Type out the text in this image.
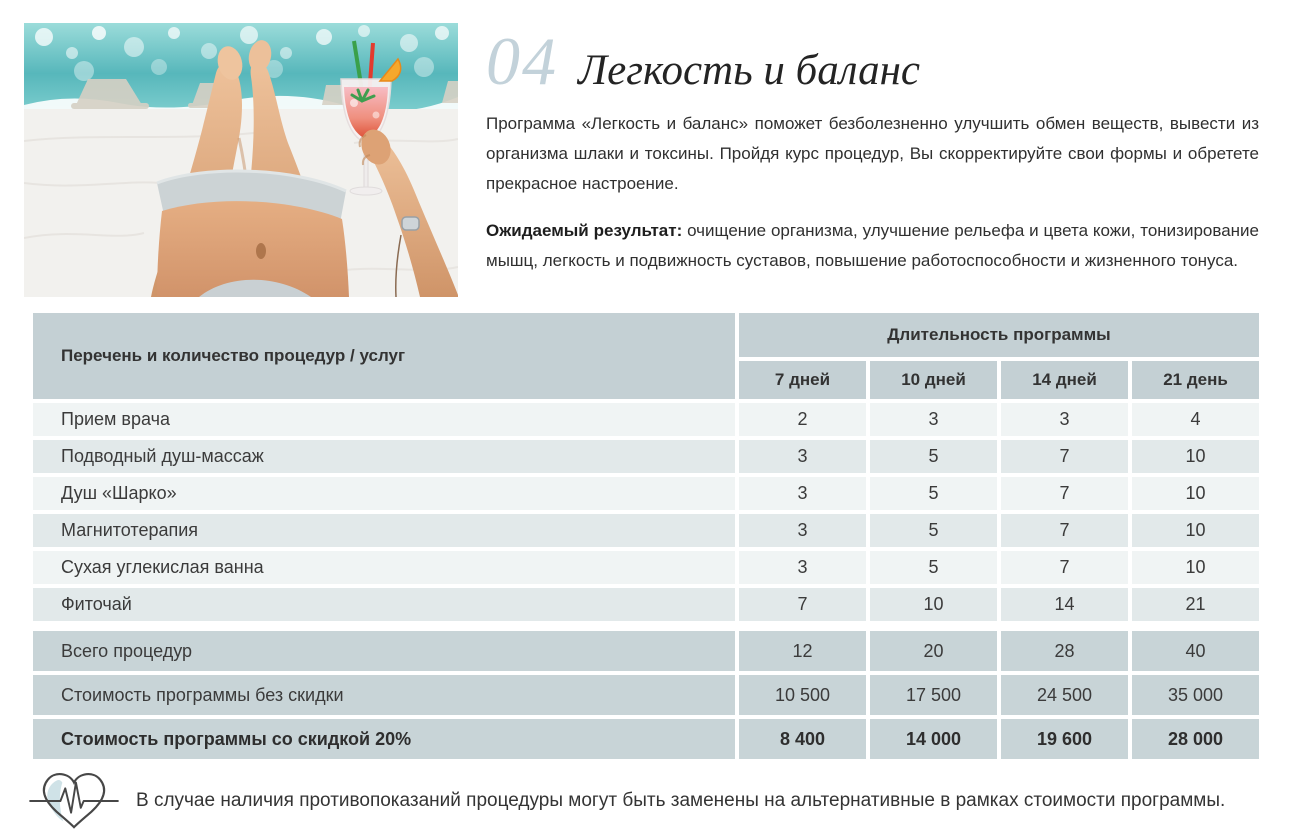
04 Легкость и баланс

Программа «Легкость и баланс» поможет безболезненно улучшить обмен веществ, вывести из организма шлаки и токсины. Пройдя курс процедур, Вы скорректируйте свои формы и обретете прекрасное настроение.

Ожидаемый результат: очищение организма, улучшение рельефа и цвета кожи, тонизирование мышц, легкость и подвижность суставов, повышение работоспособности и жизненного тонуса.

Перечень и количество процедур / услуг
Длительность программы
7 дней	10 дней	14 дней	21 день
Прием врача	2	3	3	4
Подводный душ-массаж	3	5	7	10
Душ «Шарко»	3	5	7	10
Магнитотерапия	3	5	7	10
Сухая углекислая ванна	3	5	7	10
Фиточай	7	10	14	21
Всего процедур	12	20	28	40
Стоимость программы без скидки	10 500	17 500	24 500	35 000
Стоимость программы со скидкой 20%	8 400	14 000	19 600	28 000
В случае наличия противопоказаний процедуры могут быть заменены на альтернативные в рамках стоимости программы.
